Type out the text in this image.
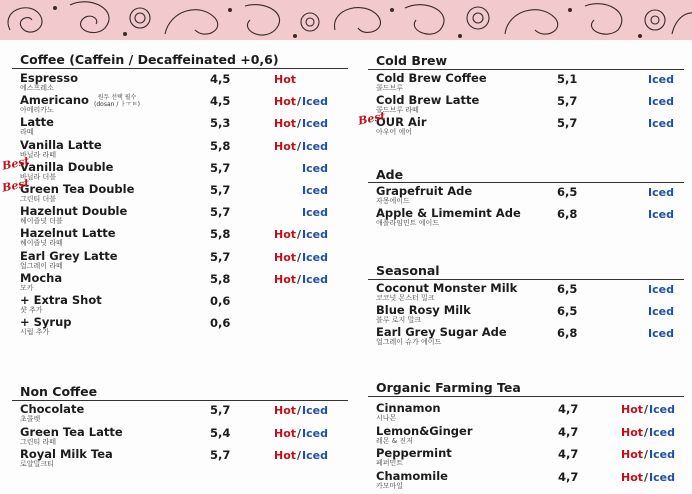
Coffee (Caffein / Decaffeinated +0,6)
원두 선택 필수
(dosan / ㅏㅜㅌ)
Espresso
에스프레소
4,5	Hot
Americano
아메리카노
4,5	Hot / Iced
Latte
라떼
5,3	Hot / Iced
Vanilla Latte
바닐라 라떼
5,8	Hot / Iced
Vanilla Double
바닐라 더블
5,7	Iced
Best
Green Tea Double
그린티 더블
5,7	Iced
Best
Hazelnut Double
헤이즐넛 더블
5,7	Iced
Hazelnut Latte
헤이즐넛 라떼
5,8	Hot / Iced
Earl Grey Latte
얼그레이 라떼
5,7	Hot / Iced
Mocha
모카
5,8	Hot / Iced
+ Extra Shot
샷 추가
0,6
+ Syrup
시럽 추가
0,6
Non Coffee
Chocolate
초콜렛
5,7	Hot / Iced
Green Tea Latte
그린티 라떼
5,4	Hot / Iced
Royal Milk Tea
로얄밀크티
5,7	Hot / Iced
Cold Brew
Cold Brew Coffee
콜드브루
5,1	Iced
Cold Brew Latte
콜드브루 라떼
5,7	Iced
OUR Air
아우어 에어
5,7	Iced
Best
Ade
Grapefruit Ade
자몽에이드
6,5	Iced
Apple & Limemint Ade
애플라임민트 에이드
6,8	Iced
Seasonal
Coconut Monster Milk
코코넛 몬스터 밀크
6,5	Iced
Blue Rosy Milk
블루 로지 밀크
6,5	Iced
Earl Grey Sugar Ade
얼그레이 슈가 에이드
6,8	Iced
Organic Farming Tea
Cinnamon
시나몬
4,7	Hot / Iced
Lemon&Ginger
레몬 & 진저
4,7	Hot / Iced
Peppermint
페퍼민트
4,7	Hot / Iced
Chamomile
카모마일
4,7	Hot / Iced
